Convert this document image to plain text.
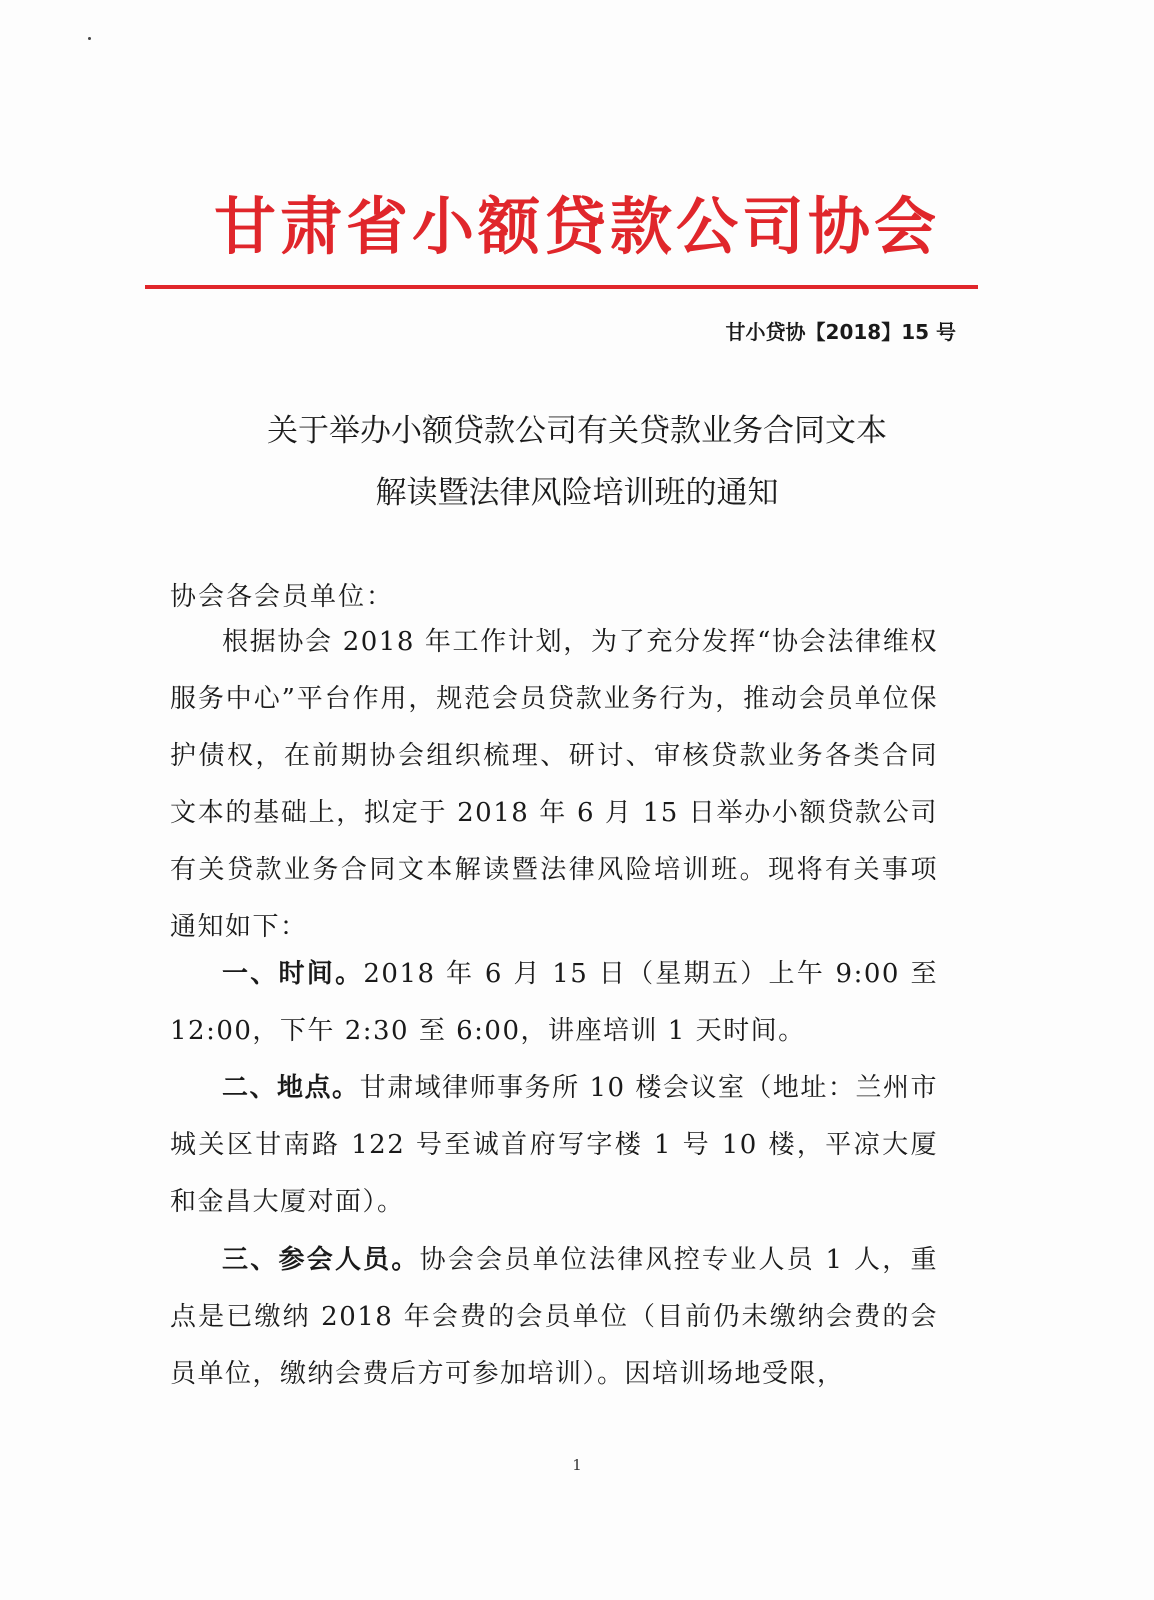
甘肃省小额贷款公司协会
甘小贷协【2018】15 号
关于举办小额贷款公司有关贷款业务合同文本
解读暨法律风险培训班的通知
协会各会员单位：

根据协会 2018 年工作计划，为了充分发挥“协会法律维权服务中心”平台作用，规范会员贷款业务行为，推动会员单位保护债权，在前期协会组织梳理、研讨、审核贷款业务各类合同文本的基础上，拟定于 2018 年 6 月 15 日举办小额贷款公司有关贷款业务合同文本解读暨法律风险培训班。现将有关事项通知如下：

一、时间。2018 年 6 月 15 日（星期五）上午 9:00 至 12:00，下午 2:30 至 6:00，讲座培训 1 天时间。

二、地点。甘肃域律师事务所 10 楼会议室（地址：兰州市城关区甘南路 122 号至诚首府写字楼 1 号 10 楼，平凉大厦和金昌大厦对面）。

三、参会人员。协会会员单位法律风控专业人员 1 人，重点是已缴纳 2018 年会费的会员单位（目前仍未缴纳会费的会员单位，缴纳会费后方可参加培训）。因培训场地受限，

1
